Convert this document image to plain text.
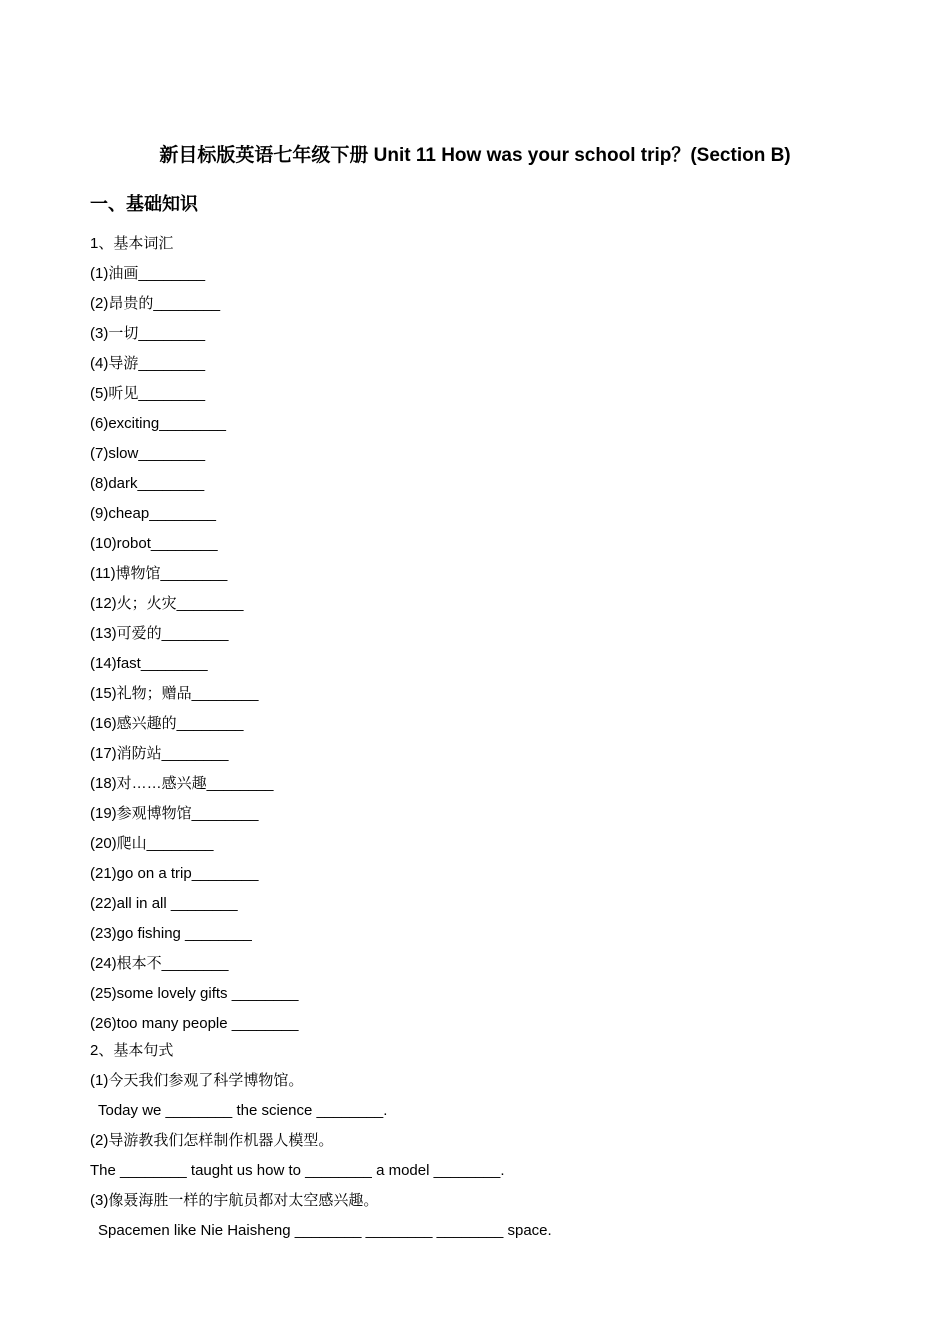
新目标版英语七年级下册 Unit 11 How was your school trip？(Section B)
一、基础知识
1、基本词汇
(1)油画________
(2)昂贵的________
(3)一切________
(4)导游________
(5)听见________
(6)exciting________
(7)slow________
(8)dark________
(9)cheap________
(10)robot________
(11)博物馆________
(12)火；火灾________
(13)可爱的________
(14)fast________
(15)礼物；赠品________
(16)感兴趣的________
(17)消防站________
(18)对……感兴趣________
(19)参观博物馆________
(20)爬山________
(21)go on a trip________
(22)all in all ________
(23)go fishing ________
(24)根本不________
(25)some lovely gifts ________
(26)too many people ________
2、基本句式
(1)今天我们参观了科学博物馆。
Today we ________ the science ________.
(2)导游教我们怎样制作机器人模型。
The ________ taught us how to ________ a model ________.
(3)像聂海胜一样的宇航员都对太空感兴趣。
Spacemen like Nie Haisheng ________ ________ ________ space.
